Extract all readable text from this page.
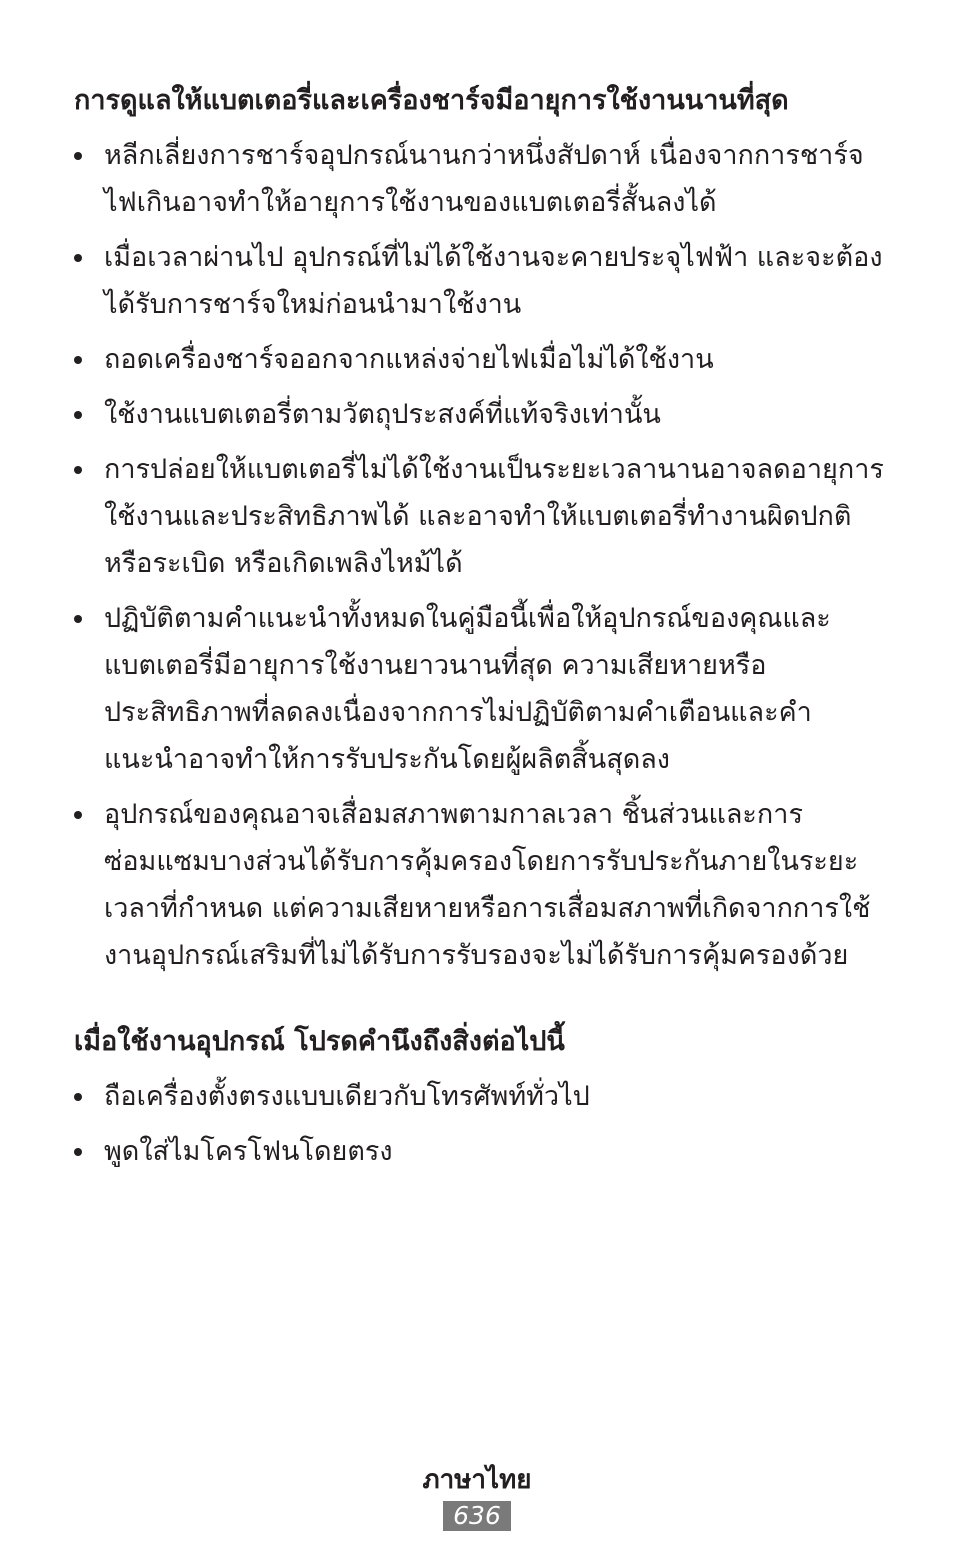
การดูแลให้แบตเตอรี่และเครื่องชาร์จมีอายุการใช้งานนานที่สุด
หลีกเลี่ยงการชาร์จอุปกรณ์นานกว่าหนึ่งสัปดาห์ เนื่องจากการชาร์จไฟเกินอาจทำให้อายุการใช้งานของแบตเตอรี่สั้นลงได้
เมื่อเวลาผ่านไป อุปกรณ์ที่ไม่ได้ใช้งานจะคายประจุไฟฟ้า และจะต้องได้รับการชาร์จใหม่ก่อนนำมาใช้งาน
ถอดเครื่องชาร์จออกจากแหล่งจ่ายไฟเมื่อไม่ได้ใช้งาน
ใช้งานแบตเตอรี่ตามวัตถุประสงค์ที่แท้จริงเท่านั้น
การปล่อยให้แบตเตอรี่ไม่ได้ใช้งานเป็นระยะเวลานานอาจลดอายุการใช้งานและประสิทธิภาพได้ และอาจทำให้แบตเตอรี่ทำงานผิดปกติหรือระเบิด หรือเกิดเพลิงไหม้ได้
ปฏิบัติตามคำแนะนำทั้งหมดในคู่มือนี้เพื่อให้อุปกรณ์ของคุณและแบตเตอรี่มีอายุการใช้งานยาวนานที่สุด ความเสียหายหรือประสิทธิภาพที่ลดลงเนื่องจากการไม่ปฏิบัติตามคำเตือนและคำแนะนำอาจทำให้การรับประกันโดยผู้ผลิตสิ้นสุดลง
อุปกรณ์ของคุณอาจเสื่อมสภาพตามกาลเวลา ชิ้นส่วนและการซ่อมแซมบางส่วนได้รับการคุ้มครองโดยการรับประกันภายในระยะเวลาที่กำหนด แต่ความเสียหายหรือการเสื่อมสภาพที่เกิดจากการใช้งานอุปกรณ์เสริมที่ไม่ได้รับการรับรองจะไม่ได้รับการคุ้มครองด้วย
เมื่อใช้งานอุปกรณ์ โปรดคำนึงถึงสิ่งต่อไปนี้
ถือเครื่องตั้งตรงแบบเดียวกับโทรศัพท์ทั่วไป
พูดใส่ไมโครโฟนโดยตรง
ภาษาไทย
636
